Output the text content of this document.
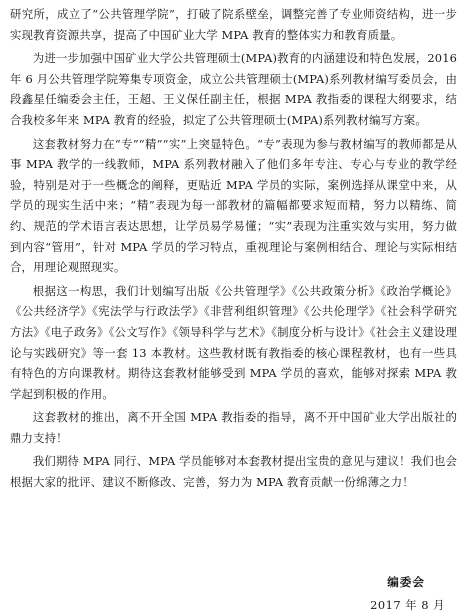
研究所，成立了“公共管理学院”，打破了院系壁垒，调整完善了专业师资结构，进一步实现教育资源共享，提高了中国矿业大学 MPA 教育的整体实力和教育质量。

为进一步加强中国矿业大学公共管理硕士(MPA)教育的内涵建设和特色发展，2016 年 6 月公共管理学院筹集专项资金，成立公共管理硕士(MPA)系列教材编写委员会，由段鑫星任编委会主任，王超、王义保任副主任，根据 MPA 教指委的课程大纲要求，结合我校多年来 MPA 教育的经验，拟定了公共管理硕士(MPA)系列教材编写方案。

这套教材努力在“专”“精”“实”上突显特色。“专”表现为参与教材编写的教师都是从事 MPA 教学的一线教师，MPA 系列教材融入了他们多年专注、专心与专业的教学经验，特别是对于一些概念的阐释，更贴近 MPA 学员的实际，案例选择从课堂中来，从学员的现实生活中来；“精”表现为每一部教材的篇幅都要求短而精，努力以精练、简约、规范的学术语言表达思想，让学员易学易懂；“实”表现为注重实效与实用，努力做到内容“管用”，针对 MPA 学员的学习特点，重视理论与案例相结合、理论与实际相结合，用理论观照现实。

根据这一构思，我们计划编写出版《公共管理学》《公共政策分析》《政治学概论》《公共经济学》《宪法学与行政法学》《非营利组织管理》《公共伦理学》《社会科学研究方法》《电子政务》《公文写作》《领导科学与艺术》《制度分析与设计》《社会主义建设理论与实践研究》等一套 13 本教材。这些教材既有教指委的核心课程教材，也有一些具有特色的方向课教材。期待这套教材能够受到 MPA 学员的喜欢，能够对探索 MPA 教学起到积极的作用。

这套教材的推出，离不开全国 MPA 教指委的指导，离不开中国矿业大学出版社的鼎力支持！

我们期待 MPA 同行、MPA 学员能够对本套教材提出宝贵的意见与建议！我们也会根据大家的批评、建议不断修改、完善，努力为 MPA 教育贡献一份绵薄之力！

编委会
2017 年 8 月
